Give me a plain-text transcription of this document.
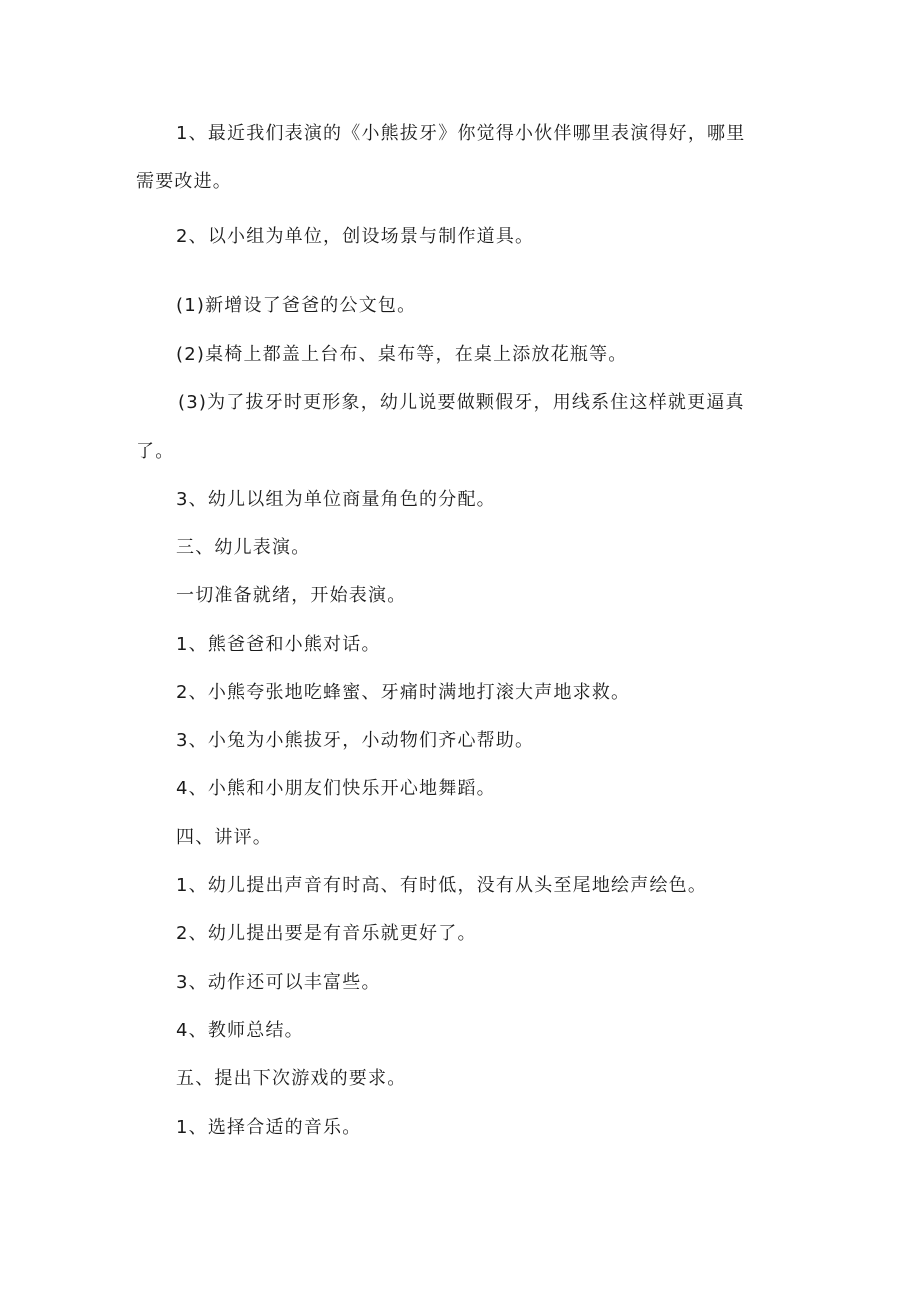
1、最近我们表演的《小熊拔牙》你觉得小伙伴哪里表演得好，哪里
需要改进。
2、以小组为单位，创设场景与制作道具。
(1)新增设了爸爸的公文包。
(2)桌椅上都盖上台布、桌布等，在桌上添放花瓶等。
(3)为了拔牙时更形象，幼儿说要做颗假牙，用线系住这样就更逼真
了。
3、幼儿以组为单位商量角色的分配。
三、幼儿表演。
一切准备就绪，开始表演。
1、熊爸爸和小熊对话。
2、小熊夸张地吃蜂蜜、牙痛时满地打滚大声地求救。
3、小兔为小熊拔牙，小动物们齐心帮助。
4、小熊和小朋友们快乐开心地舞蹈。
四、讲评。
1、幼儿提出声音有时高、有时低，没有从头至尾地绘声绘色。
2、幼儿提出要是有音乐就更好了。
3、动作还可以丰富些。
4、教师总结。
五、提出下次游戏的要求。
1、选择合适的音乐。
